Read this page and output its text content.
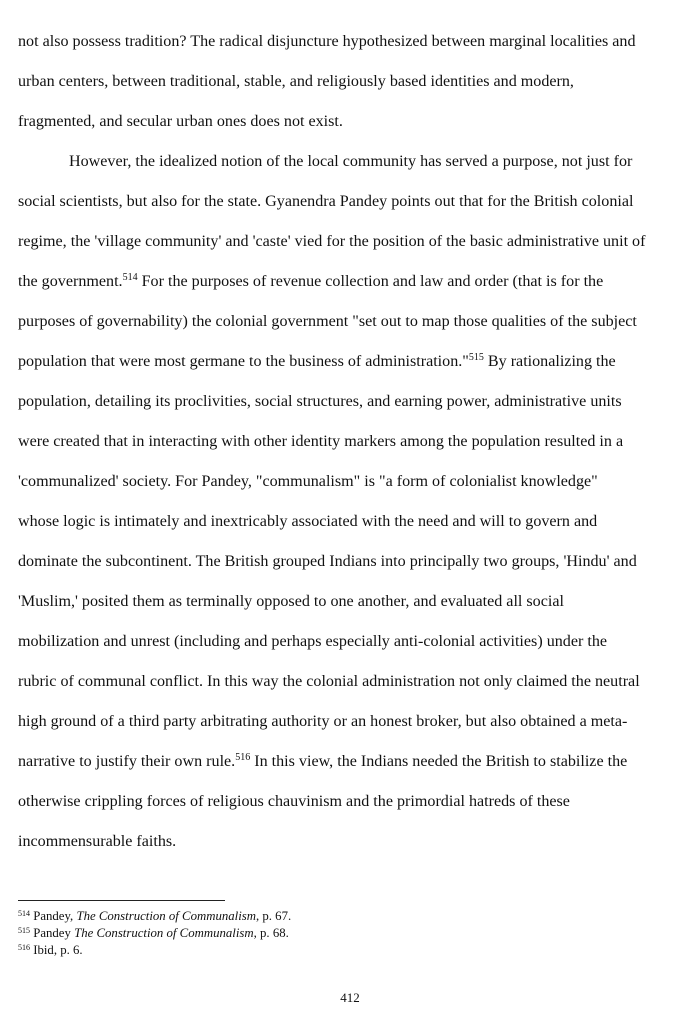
not also possess tradition? The radical disjuncture hypothesized between marginal localities and
urban centers, between traditional, stable, and religiously based identities and modern,
fragmented, and secular urban ones does not exist.
However, the idealized notion of the local community has served a purpose, not just for
social scientists, but also for the state. Gyanendra Pandey points out that for the British colonial
regime, the 'village community' and 'caste' vied for the position of the basic administrative unit of
the government.$^{514}$ For the purposes of revenue collection and law and order (that is for the
purposes of governability) the colonial government "set out to map those qualities of the subject
population that were most germane to the business of administration."$^{515}$ By rationalizing the
population, detailing its proclivities, social structures, and earning power, administrative units
were created that in interacting with other identity markers among the population resulted in a
'communalized' society. For Pandey, "communalism" is "a form of colonialist knowledge"
whose logic is intimately and inextricably associated with the need and will to govern and
dominate the subcontinent. The British grouped Indians into principally two groups, 'Hindu' and
'Muslim,' posited them as terminally opposed to one another, and evaluated all social
mobilization and unrest (including and perhaps especially anti-colonial activities) under the
rubric of communal conflict. In this way the colonial administration not only claimed the neutral
high ground of a third party arbitrating authority or an honest broker, but also obtained a meta-
narrative to justify their own rule.$^{516}$ In this view, the Indians needed the British to stabilize the
otherwise crippling forces of religious chauvinism and the primordial hatreds of these
incommensurable faiths.
$^{514}$ Pandey, The Construction of Communalism, p. 67.
$^{515}$ Pandey The Construction of Communalism, p. 68.
$^{516}$ Ibid, p. 6.
412
